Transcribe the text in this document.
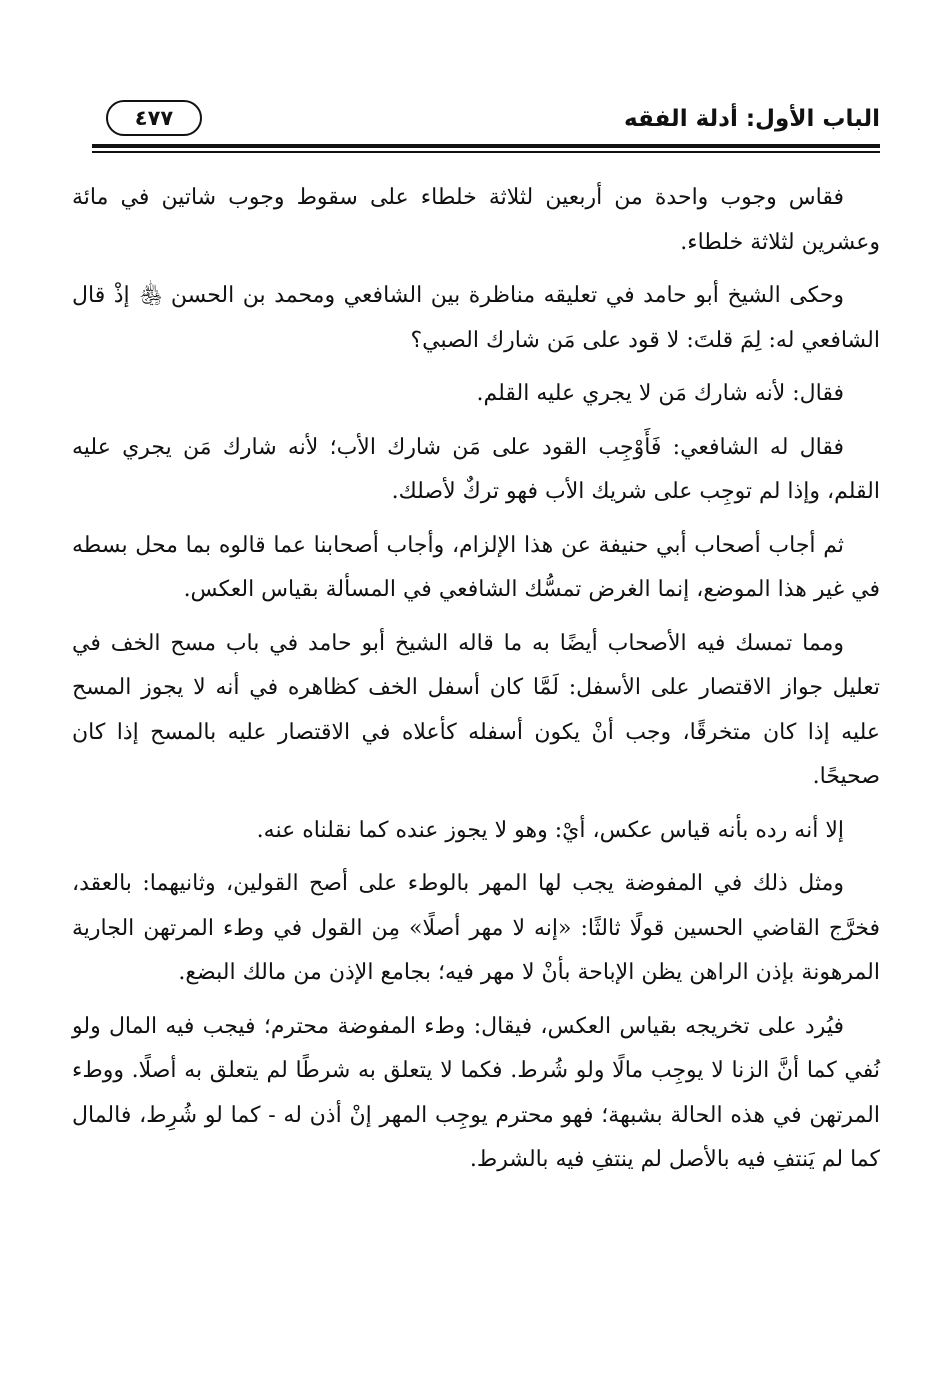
الباب الأول: أدلة الفقه
٤٧٧

فقاس وجوب واحدة من أربعين لثلاثة خلطاء على سقوط وجوب شاتين في مائة وعشرين لثلاثة خلطاء.

وحكى الشيخ أبو حامد في تعليقه مناظرة بين الشافعي ومحمد بن الحسن ﵃ إذْ قال الشافعي له: لِمَ قلتَ: لا قود على مَن شارك الصبي؟

فقال: لأنه شارك مَن لا يجري عليه القلم.

فقال له الشافعي: فَأَوْجِب القود على مَن شارك الأب؛ لأنه شارك مَن يجري عليه القلم، وإذا لم توجِب على شريك الأب فهو تركٌ لأصلك.

ثم أجاب أصحاب أبي حنيفة عن هذا الإلزام، وأجاب أصحابنا عما قالوه بما محل بسطه في غير هذا الموضع، إنما الغرض تمسُّك الشافعي في المسألة بقياس العكس.

ومما تمسك فيه الأصحاب أيضًا به ما قاله الشيخ أبو حامد في باب مسح الخف في تعليل جواز الاقتصار على الأسفل: لَمَّا كان أسفل الخف كظاهره في أنه لا يجوز المسح عليه إذا كان متخرقًا، وجب أنْ يكون أسفله كأعلاه في الاقتصار عليه بالمسح إذا كان صحيحًا.

إلا أنه رده بأنه قياس عكس، أيْ: وهو لا يجوز عنده كما نقلناه عنه.

ومثل ذلك في المفوضة يجب لها المهر بالوطء على أصح القولين، وثانيهما: بالعقد، فخرَّج القاضي الحسين قولًا ثالثًا: «إنه لا مهر أصلًا» مِن القول في وطء المرتهن الجارية المرهونة بإذن الراهن يظن الإباحة بأنْ لا مهر فيه؛ بجامع الإذن من مالك البضع.

فيُرد على تخريجه بقياس العكس، فيقال: وطء المفوضة محترم؛ فيجب فيه المال ولو نُفي كما أنَّ الزنا لا يوجِب مالًا ولو شُرط. فكما لا يتعلق به شرطًا لم يتعلق به أصلًا. ووطء المرتهن في هذه الحالة بشبهة؛ فهو محترم يوجِب المهر إنْ أذن له - كما لو شُرِط، فالمال كما لم يَنتفِ فيه بالأصل لم ينتفِ فيه بالشرط.
